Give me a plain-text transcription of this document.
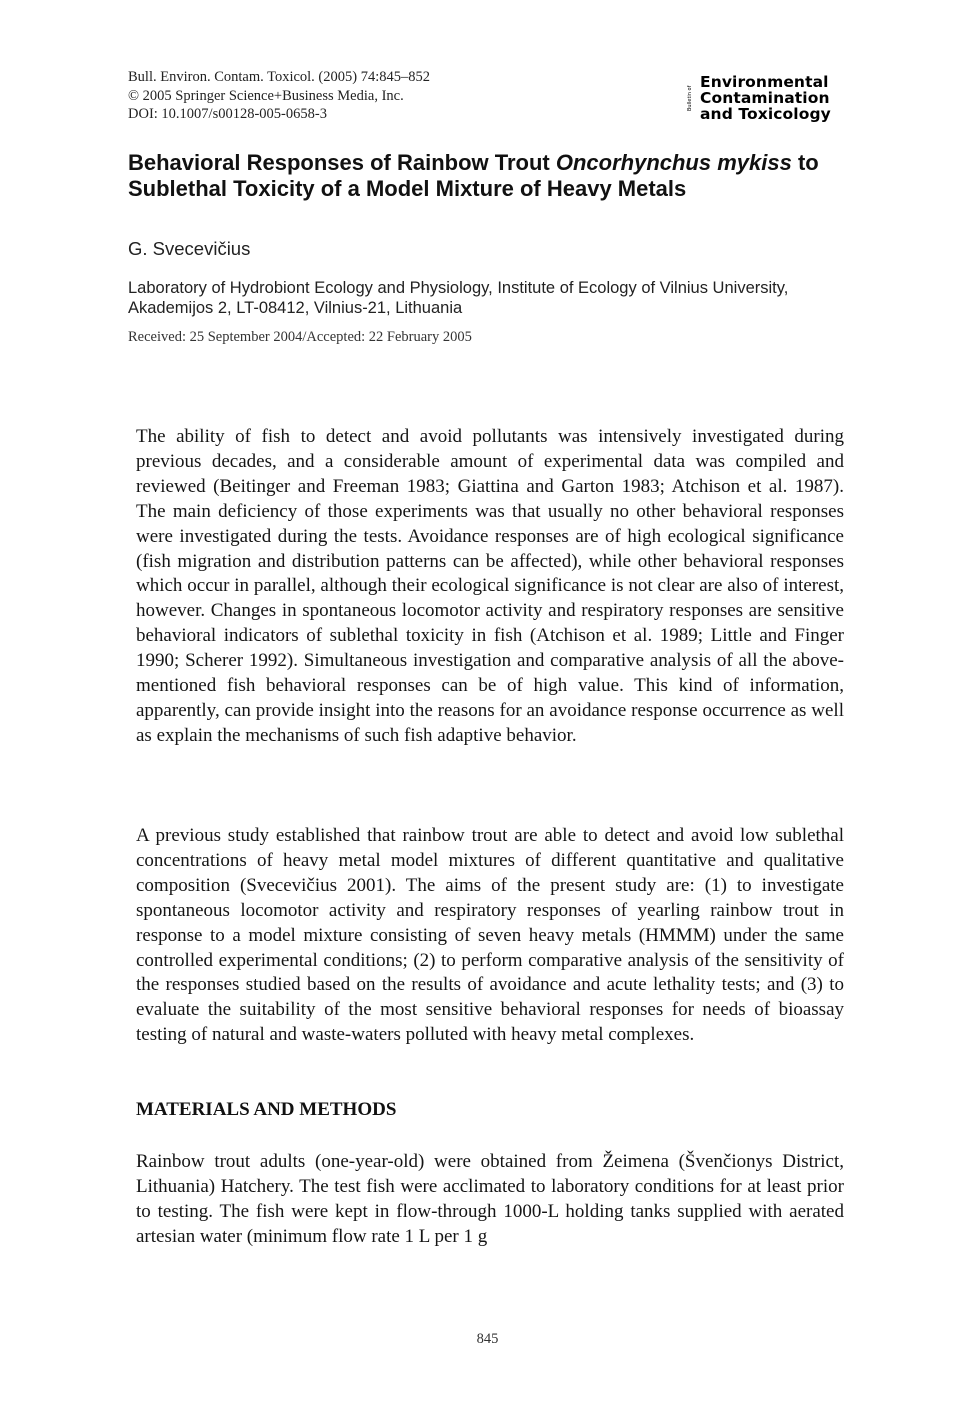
Bull. Environ. Contam. Toxicol. (2005) 74:845–852
© 2005 Springer Science+Business Media, Inc.
DOI: 10.1007/s00128-005-0658-3
Bulletin of
Environmental
Contamination
and Toxicology
Behavioral Responses of Rainbow Trout Oncorhynchus mykiss to Sublethal Toxicity of a Model Mixture of Heavy Metals
G. Svecevičius
Laboratory of Hydrobiont Ecology and Physiology, Institute of Ecology of Vilnius University, Akademijos 2, LT-08412, Vilnius-21, Lithuania
Received: 25 September 2004/Accepted: 22 February 2005

The ability of fish to detect and avoid pollutants was intensively investigated during previous decades, and a considerable amount of experimental data was compiled and reviewed (Beitinger and Freeman 1983; Giattina and Garton 1983; Atchison et al. 1987). The main deficiency of those experiments was that usually no other behavioral responses were investigated during the tests. Avoidance responses are of high ecological significance (fish migration and distribution patterns can be affected), while other behavioral responses which occur in parallel, although their ecological significance is not clear are also of interest, however. Changes in spontaneous locomotor activity and respiratory responses are sensitive behavioral indicators of sublethal toxicity in fish (Atchison et al. 1989; Little and Finger 1990; Scherer 1992). Simultaneous investigation and comparative analysis of all the above-mentioned fish behavioral responses can be of high value. This kind of information, apparently, can provide insight into the reasons for an avoidance response occurrence as well as explain the mechanisms of such fish adaptive behavior.

A previous study established that rainbow trout are able to detect and avoid low sublethal concentrations of heavy metal model mixtures of different quantitative and qualitative composition (Svecevičius 2001). The aims of the present study are: (1) to investigate spontaneous locomotor activity and respiratory responses of yearling rainbow trout in response to a model mixture consisting of seven heavy metals (HMMM) under the same controlled experimental conditions; (2) to perform comparative analysis of the sensitivity of the responses studied based on the results of avoidance and acute lethality tests; and (3) to evaluate the suitability of the most sensitive behavioral responses for needs of bioassay testing of natural and waste-waters polluted with heavy metal complexes.

MATERIALS AND METHODS

Rainbow trout adults (one-year-old) were obtained from Žeimena (Švenčionys District, Lithuania) Hatchery. The test fish were acclimated to laboratory conditions for at least prior to testing. The fish were kept in flow-through 1000-L holding tanks supplied with aerated artesian water (minimum flow rate 1 L per 1 g

845
